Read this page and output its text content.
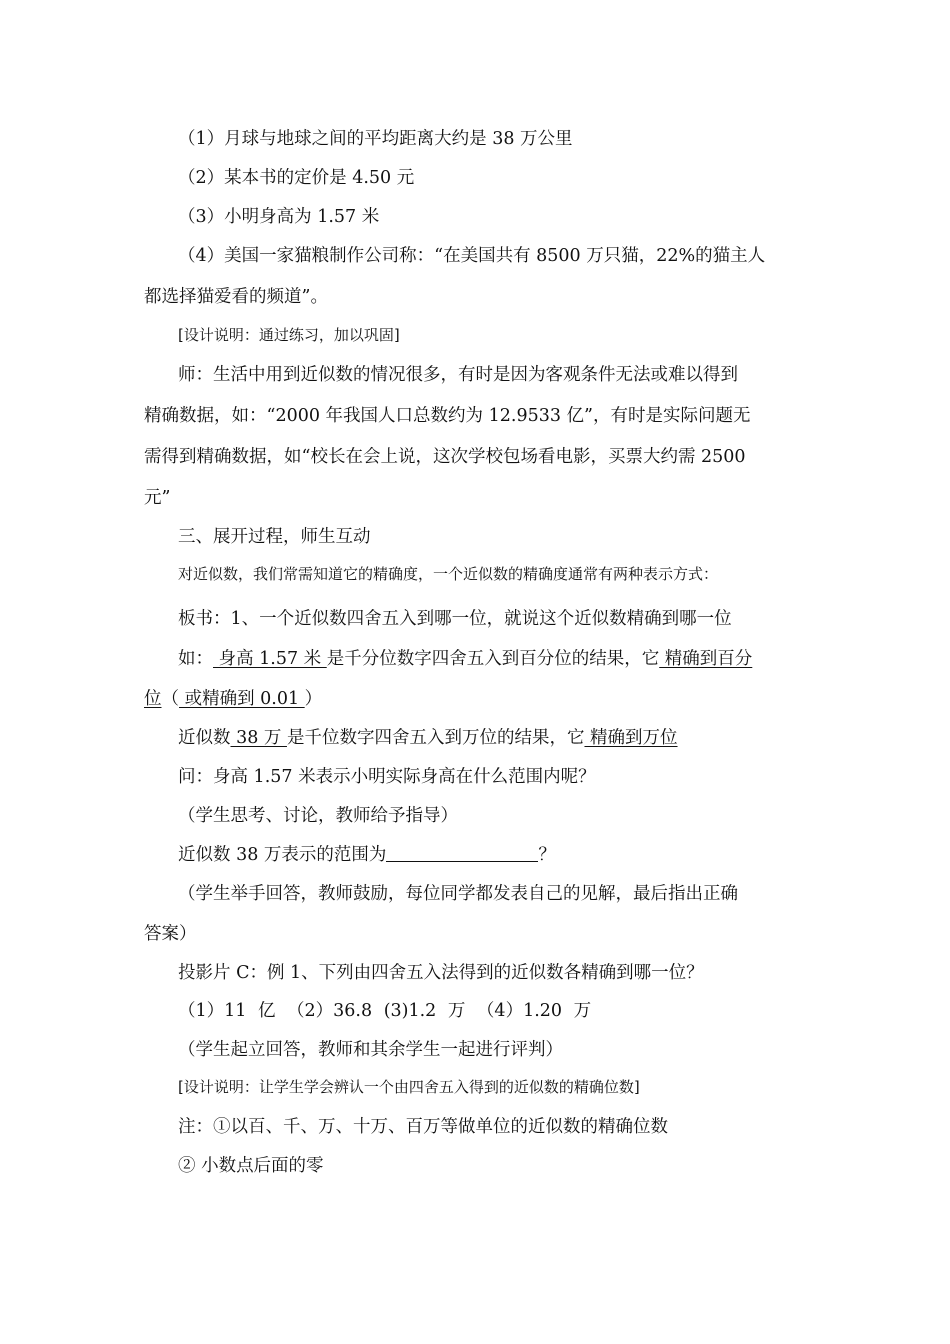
（1）月球与地球之间的平均距离大约是 38 万公里
（2）某本书的定价是 4.50 元
（3）小明身高为 1.57 米
（4）美国一家猫粮制作公司称：“在美国共有 8500 万只猫，22%的猫主人
都选择猫爱看的频道”。
[设计说明：通过练习，加以巩固]
师：生活中用到近似数的情况很多，有时是因为客观条件无法或难以得到
精确数据，如：“2000 年我国人口总数约为 12.9533 亿”，有时是实际问题无
需得到精确数据，如“校长在会上说，这次学校包场看电影，买票大约需 2500
元”
三、展开过程，师生互动
对近似数，我们常需知道它的精确度，一个近似数的精确度通常有两种表示方式：
板书：1、一个近似数四舍五入到哪一位，就说这个近似数精确到哪一位
如： 身高 1.57 米 是千分位数字四舍五入到百分位的结果，它 精确到百分
位（ 或精确到 0.01 ）
近似数 38 万 是千位数字四舍五入到万位的结果，它 精确到万位
问：身高 1.57 米表示小明实际身高在什么范围内呢？
（学生思考、讨论，教师给予指导）
近似数 38 万表示的范围为	？
（学生举手回答，教师鼓励，每位同学都发表自己的见解，最后指出正确
答案）
投影片 C：例 1、下列由四舍五入法得到的近似数各精确到哪一位？
（1）11 亿 （2）36.8 (3)1.2 万 （4）1.20 万
（学生起立回答，教师和其余学生一起进行评判）
[设计说明：让学生学会辨认一个由四舍五入得到的近似数的精确位数]
注：①以百、千、万、十万、百万等做单位的近似数的精确位数
② 小数点后面的零
